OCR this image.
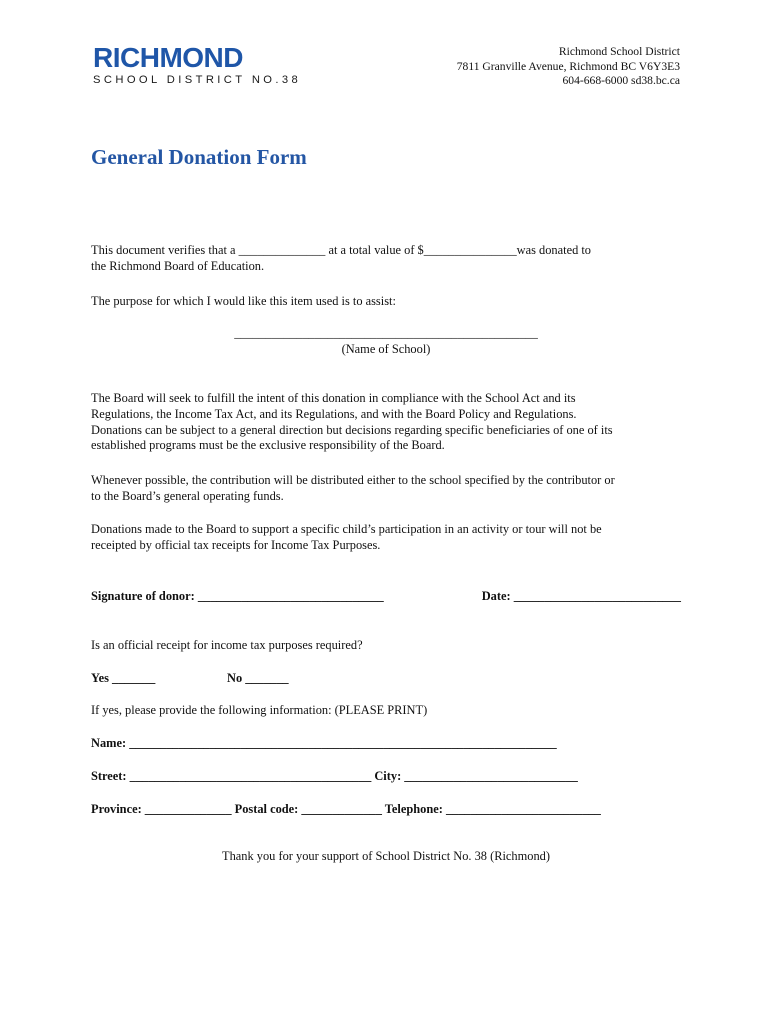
RICHMOND
SCHOOL DISTRICT NO.38
Richmond School District
7811 Granville Avenue, Richmond BC V6Y3E3
604-668-6000 sd38.bc.ca
General Donation Form
This document verifies that a ______________ at a total value of $_______________was donated to
the Richmond Board of Education.
The purpose for which I would like this item used is to assist:
_________________________________________________
(Name of School)
The Board will seek to fulfill the intent of this donation in compliance with the School Act and its
Regulations, the Income Tax Act, and its Regulations, and with the Board Policy and Regulations.
Donations can be subject to a general direction but decisions regarding specific beneficiaries of one of its
established programs must be the exclusive responsibility of the Board.
Whenever possible, the contribution will be distributed either to the school specified by the contributor or
to the Board’s general operating funds.
Donations made to the Board to support a specific child’s participation in an activity or tour will not be
receipted by official tax receipts for Income Tax Purposes.
Signature of donor: ______________________________	Date: ___________________________
Is an official receipt for income tax purposes required?
Yes _______	No _______
If yes, please provide the following information: (PLEASE PRINT)
Name: _____________________________________________________________________
Street: _______________________________________ City: ____________________________
Province: ______________ Postal code: _____________ Telephone: _________________________
Thank you for your support of School District No. 38 (Richmond)
